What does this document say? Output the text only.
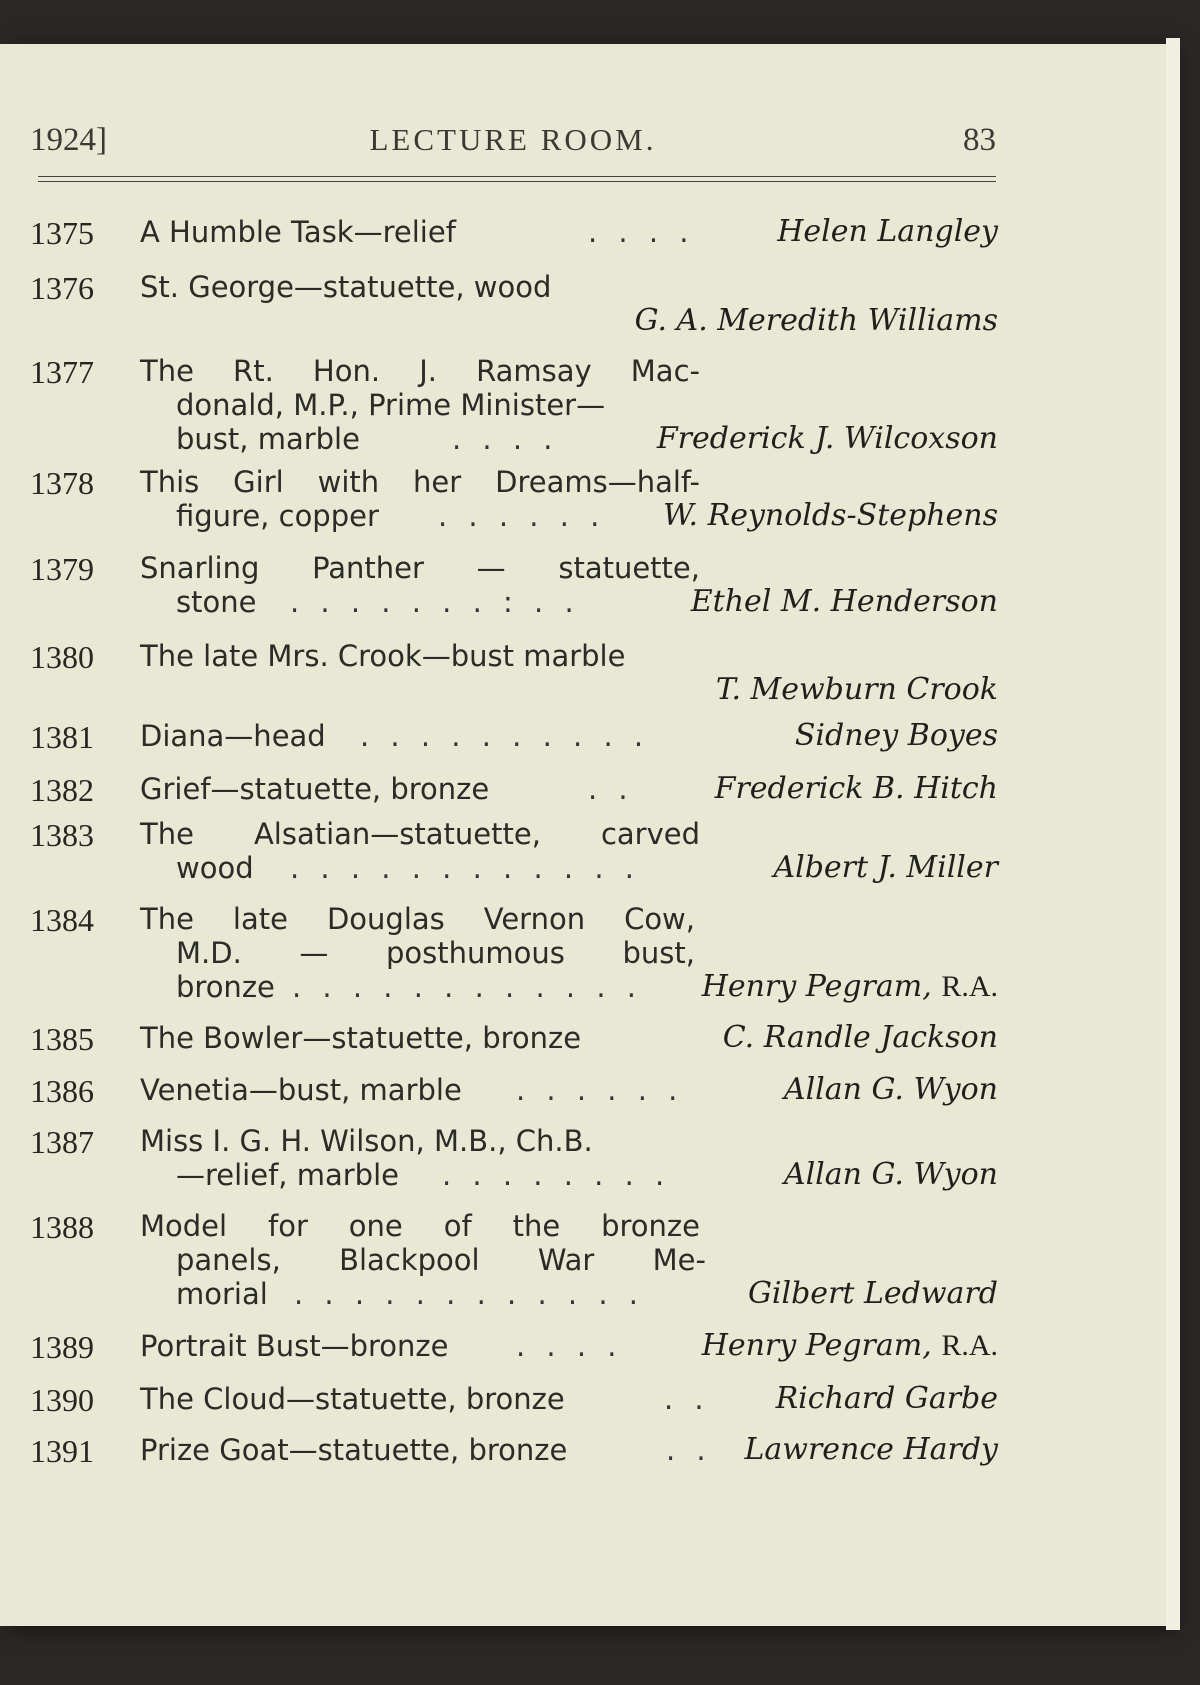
1924]	LECTURE ROOM.	83
1375 A Humble Task—relief	. . . .	Helen Langley
1376 St. George—statuette, wood
G. A. Meredith Williams
1377 The Rt. Hon. J. Ramsay Mac-
donald, M.P., Prime Minister—
bust, marble	. . . .	Frederick J. Wilcoxson
1378 This Girl with her Dreams—half-
figure, copper . . . . . . W. Reynolds-Stephens
1379 Snarling Panther — statuette,
stone . . . . . . . : . .	Ethel M. Henderson
1380 The late Mrs. Crook—bust marble
T. Mewburn Crook
1381 Diana—head . . . . . . . . . .	Sidney Boyes
1382 Grief—statuette, bronze	. .	Frederick B. Hitch
1383 The Alsatian—statuette, carved
wood . . . . . . . . . . . .	Albert J. Miller
1384 The late Douglas Vernon Cow,
M.D. — posthumous bust,
bronze . . . . . . . . . . . . Henry Pegram, R.A.
1385 The Bowler—statuette, bronze	C. Randle Jackson
1386 Venetia—bust, marble . . . . . .	Allan G. Wyon
1387 Miss I. G. H. Wilson, M.B., Ch.B.
—relief, marble . . . . . . . .	Allan G. Wyon
1388 Model for one of the bronze
panels, Blackpool War Me-
morial . . . . . . . . . . . .	Gilbert Ledward
1389 Portrait Bust—bronze . . . .	Henry Pegram, R.A.
1390 The Cloud—statuette, bronze	. . Richard Garbe
1391 Prize Goat—statuette, bronze	. . Lawrence Hardy
